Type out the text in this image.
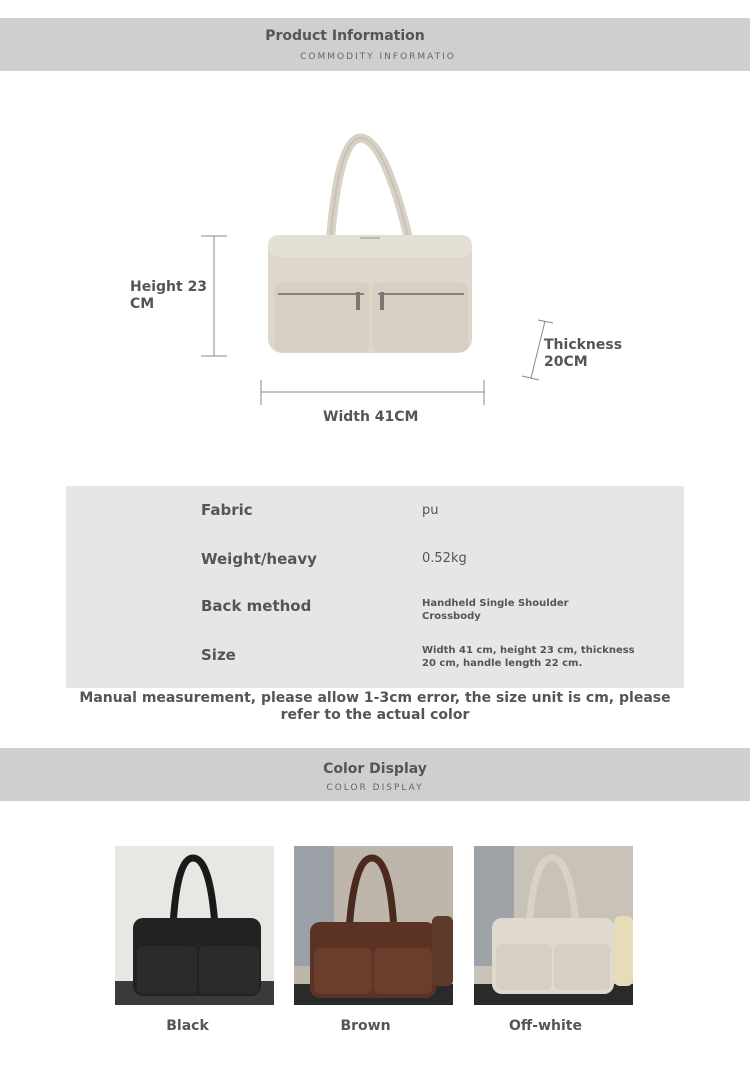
Product Information
COMMODITY INFORMATIO
Height 23
CM
Thickness
20CM
Width 41CM
Fabric	pu
Weight/heavy	0.52kg
Back method	Handheld Single Shoulder Crossbody
Size	Width 41 cm, height 23 cm, thickness 20 cm, handle length 22 cm.
Manual measurement, please allow 1-3cm error, the size unit is cm, please refer to the actual color
Color Display
COLOR DISPLAY
Black	Brown	Off-white
